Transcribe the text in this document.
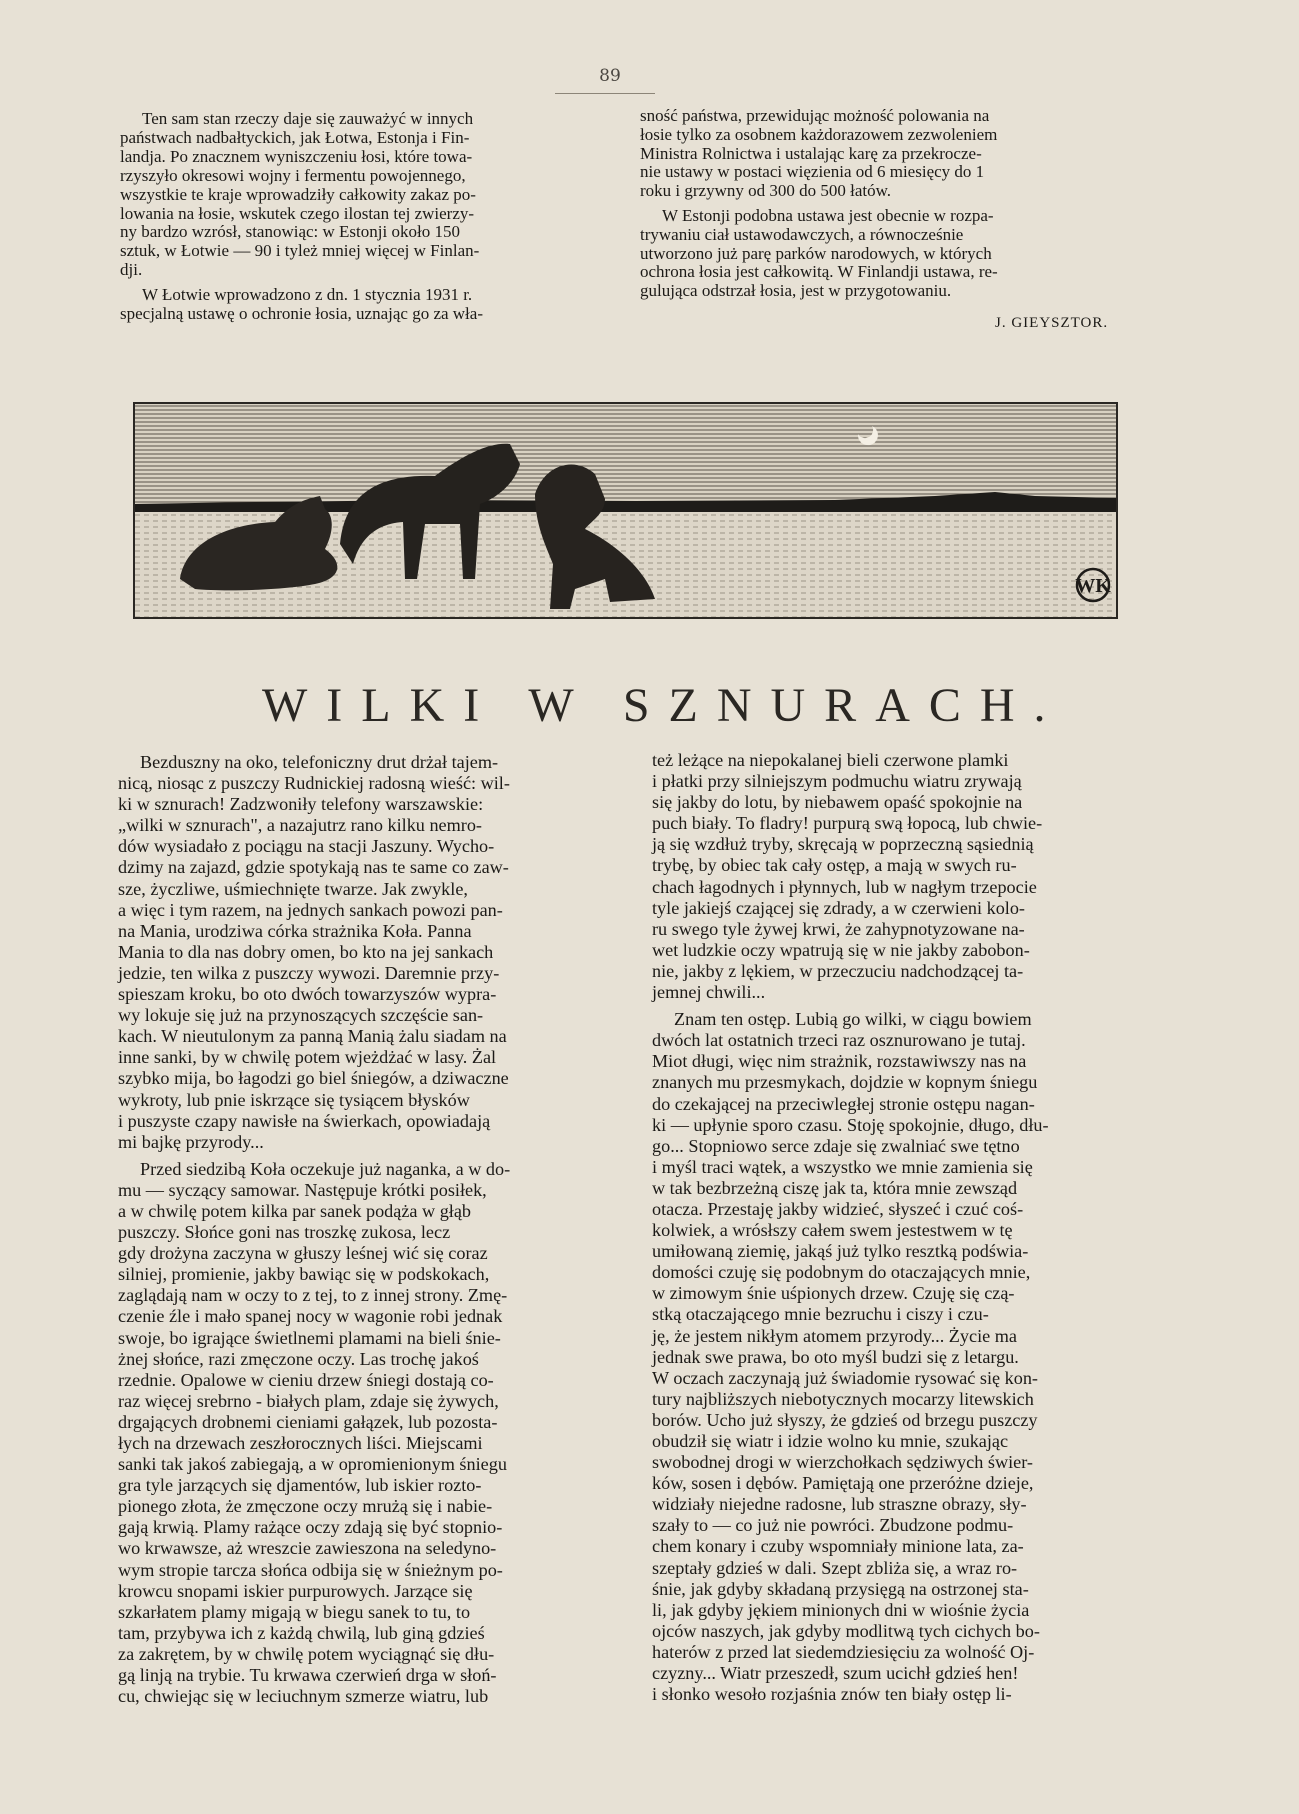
89
Ten sam stan rzeczy daje się zauważyć w innych
państwach nadbałtyckich, jak Łotwa, Estonja i Fin-
landja. Po znacznem wyniszczeniu łosi, które towa-
rzyszyło okresowi wojny i fermentu powojennego,
wszystkie te kraje wprowadziły całkowity zakaz po-
lowania na łosie, wskutek czego ilostan tej zwierzy-
ny bardzo wzrósł, stanowiąc: w Estonji około 150
sztuk, w Łotwie — 90 i tyleż mniej więcej w Finlan-
dji.
W Łotwie wprowadzono z dn. 1 stycznia 1931 r.
specjalną ustawę o ochronie łosia, uznając go za wła-
sność państwa, przewidując możność polowania na
łosie tylko za osobnem każdorazowem zezwoleniem
Ministra Rolnictwa i ustalając karę za przekrocze-
nie ustawy w postaci więzienia od 6 miesięcy do 1
roku i grzywny od 300 do 500 łatów.
W Estonji podobna ustawa jest obecnie w rozpa-
trywaniu ciał ustawodawczych, a równocześnie
utworzono już parę parków narodowych, w których
ochrona łosia jest całkowitą. W Finlandji ustawa, re-
gulująca odstrzał łosia, jest w przygotowaniu.
J. GIEYSZTOR.
WK
WILKI W SZNURACH.
Bezduszny na oko, telefoniczny drut drżał tajem-
nicą, niosąc z puszczy Rudnickiej radosną wieść: wil-
ki w sznurach! Zadzwoniły telefony warszawskie:
„wilki w sznurach", a nazajutrz rano kilku nemro-
dów wysiadało z pociągu na stacji Jaszuny. Wycho-
dzimy na zajazd, gdzie spotykają nas te same co zaw-
sze, życzliwe, uśmiechnięte twarze. Jak zwykle,
a więc i tym razem, na jednych sankach powozi pan-
na Mania, urodziwa córka strażnika Koła. Panna
Mania to dla nas dobry omen, bo kto na jej sankach
jedzie, ten wilka z puszczy wywozi. Daremnie przy-
spieszam kroku, bo oto dwóch towarzyszów wypra-
wy lokuje się już na przynoszących szczęście san-
kach. W nieutulonym za panną Manią żalu siadam na
inne sanki, by w chwilę potem wjeżdżać w lasy. Żal
szybko mija, bo łagodzi go biel śniegów, a dziwaczne
wykroty, lub pnie iskrzące się tysiącem błysków
i puszyste czapy nawisłe na świerkach, opowiadają
mi bajkę przyrody...
Przed siedzibą Koła oczekuje już naganka, a w do-
mu — syczący samowar. Następuje krótki posiłek,
a w chwilę potem kilka par sanek podąża w głąb
puszczy. Słońce goni nas troszkę zukosa, lecz
gdy drożyna zaczyna w głuszy leśnej wić się coraz
silniej, promienie, jakby bawiąc się w podskokach,
zaglądają nam w oczy to z tej, to z innej strony. Zmę-
czenie źle i mało spanej nocy w wagonie robi jednak
swoje, bo igrające świetlnemi plamami na bieli śnie-
żnej słońce, razi zmęczone oczy. Las trochę jakoś
rzednie. Opalowe w cieniu drzew śniegi dostają co-
raz więcej srebrno - białych plam, zdaje się żywych,
drgających drobnemi cieniami gałązek, lub pozosta-
łych na drzewach zeszłorocznych liści. Miejscami
sanki tak jakoś zabiegają, a w opromienionym śniegu
gra tyle jarzących się djamentów, lub iskier rozto-
pionego złota, że zmęczone oczy mrużą się i nabie-
gają krwią. Plamy rażące oczy zdają się być stopnio-
wo krwawsze, aż wreszcie zawieszona na seledyno-
wym stropie tarcza słońca odbija się w śnieżnym po-
krowcu snopami iskier purpurowych. Jarzące się
szkarłatem plamy migają w biegu sanek to tu, to
tam, przybywa ich z każdą chwilą, lub giną gdzieś
za zakrętem, by w chwilę potem wyciągnąć się dłu-
gą linją na trybie. Tu krwawa czerwień drga w słoń-
cu, chwiejąc się w leciuchnym szmerze wiatru, lub
też leżące na niepokalanej bieli czerwone plamki
i płatki przy silniejszym podmuchu wiatru zrywają
się jakby do lotu, by niebawem opaść spokojnie na
puch biały. To fladry! purpurą swą łopocą, lub chwie-
ją się wzdłuż tryby, skręcają w poprzeczną sąsiednią
trybę, by obiec tak cały ostęp, a mają w swych ru-
chach łagodnych i płynnych, lub w nagłym trzepocie
tyle jakiejś czającej się zdrady, a w czerwieni kolo-
ru swego tyle żywej krwi, że zahypnotyzowane na-
wet ludzkie oczy wpatrują się w nie jakby zabobon-
nie, jakby z lękiem, w przeczuciu nadchodzącej ta-
jemnej chwili...
Znam ten ostęp. Lubią go wilki, w ciągu bowiem
dwóch lat ostatnich trzeci raz osznurowano je tutaj.
Miot długi, więc nim strażnik, rozstawiwszy nas na
znanych mu przesmykach, dojdzie w kopnym śniegu
do czekającej na przeciwległej stronie ostępu nagan-
ki — upłynie sporo czasu. Stoję spokojnie, długo, dłu-
go... Stopniowo serce zdaje się zwalniać swe tętno
i myśl traci wątek, a wszystko we mnie zamienia się
w tak bezbrzeżną ciszę jak ta, która mnie zewsząd
otacza. Przestaję jakby widzieć, słyszeć i czuć coś-
kolwiek, a wrósłszy całem swem jestestwem w tę
umiłowaną ziemię, jakąś już tylko resztką podświa-
domości czuję się podobnym do otaczających mnie,
w zimowym śnie uśpionych drzew. Czuję się czą-
stką otaczającego mnie bezruchu i ciszy i czu-
ję, że jestem nikłym atomem przyrody... Życie ma
jednak swe prawa, bo oto myśl budzi się z letargu.
W oczach zaczynają już świadomie rysować się kon-
tury najbliższych niebotycznych mocarzy litewskich
borów. Ucho już słyszy, że gdzieś od brzegu puszczy
obudził się wiatr i idzie wolno ku mnie, szukając
swobodnej drogi w wierzchołkach sędziwych świer-
ków, sosen i dębów. Pamiętają one przeróżne dzieje,
widziały niejedne radosne, lub straszne obrazy, sły-
szały to — co już nie powróci. Zbudzone podmu-
chem konary i czuby wspomniały minione lata, za-
szeptały gdzieś w dali. Szept zbliża się, a wraz ro-
śnie, jak gdyby składaną przysięgą na ostrzonej sta-
li, jak gdyby jękiem minionych dni w wiośnie życia
ojców naszych, jak gdyby modlitwą tych cichych bo-
haterów z przed lat siedemdziesięciu za wolność Oj-
czyzny... Wiatr przeszedł, szum ucichł gdzieś hen!
i słonko wesoło rozjaśnia znów ten biały ostęp li-
